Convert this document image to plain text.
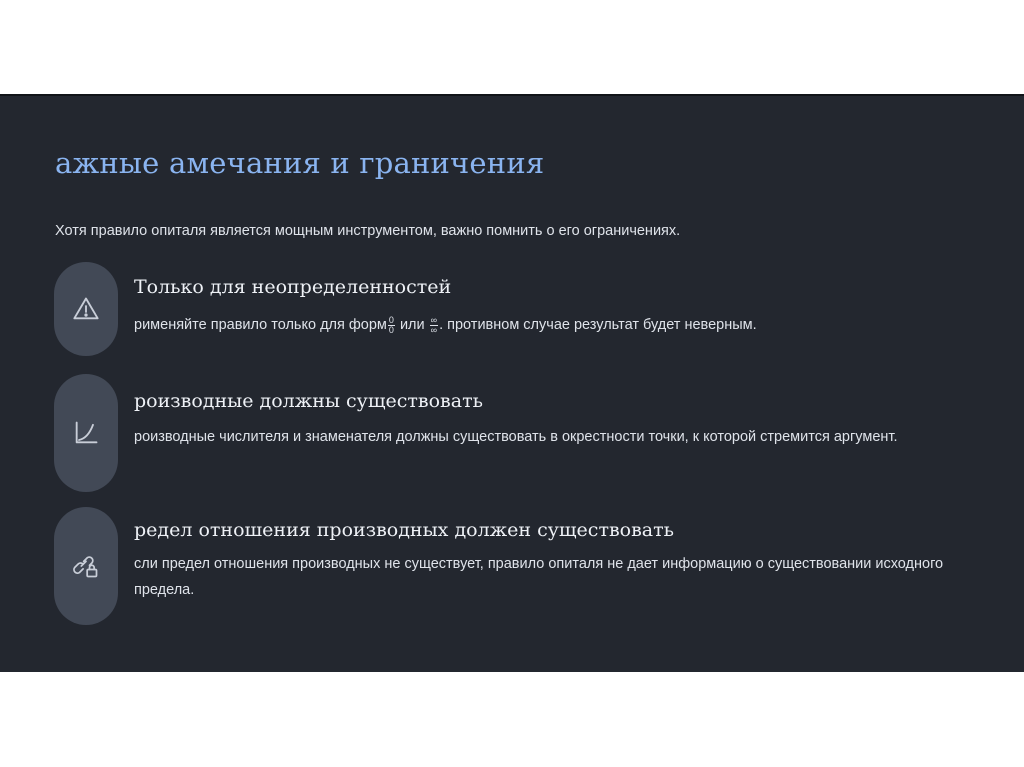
ажные амечания и граничения

Хотя правило опиталя является мощным инструментом, важно помнить о его ограничениях.

Только для неопределенностей

рименяйте правило только для форм $\frac{0}{0}$ или $\frac{\infty}{\infty}$ . противном случае результат будет неверным.

роизводные должны существовать

роизводные числителя и знаменателя должны существовать в окрестности точки, к которой стремится аргумент.

редел отношения производных должен существовать

сли предел отношения производных не существует, правило опиталя не дает информацию о существовании исходного предела.
